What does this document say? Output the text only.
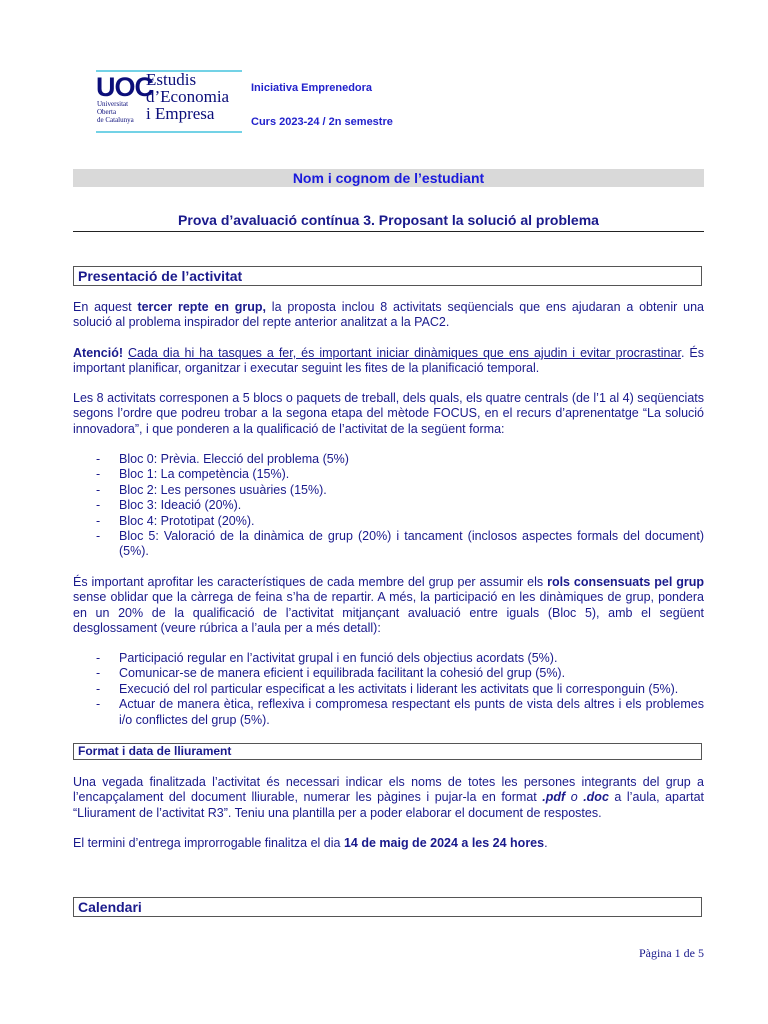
UOC
Universitat
Oberta
de Catalunya
Estudis
d’Economia
i Empresa
Iniciativa Emprenedora
Curs 2023-24 / 2n semestre
Nom i cognom de l’estudiant
Prova d’avaluació contínua 3. Proposant la solució al problema
Presentació de l’activitat
En aquest tercer repte en grup, la proposta inclou 8 activitats seqüencials que ens ajudaran a obtenir una solució al problema inspirador del repte anterior analitzat a la PAC2.
Atenció! Cada dia hi ha tasques a fer, és important iniciar dinàmiques que ens ajudin i evitar procrastinar. És important planificar, organitzar i executar seguint les fites de la planificació temporal.
Les 8 activitats corresponen a 5 blocs o paquets de treball, dels quals, els quatre centrals (de l’1 al 4) seqüenciats segons l’ordre que podreu trobar a la segona etapa del mètode FOCUS, en el recurs d’aprenentatge “La solució innovadora”, i que ponderen a la qualificació de l’activitat de la següent forma:
- Bloc 0: Prèvia. Elecció del problema (5%)
- Bloc 1: La competència (15%).
- Bloc 2: Les persones usuàries (15%).
- Bloc 3: Ideació (20%).
- Bloc 4: Prototipat (20%).
- Bloc 5: Valoració de la dinàmica de grup (20%) i tancament (inclosos aspectes formals del document) (5%).
És important aprofitar les característiques de cada membre del grup per assumir els rols consensuats pel grup sense oblidar que la càrrega de feina s’ha de repartir. A més, la participació en les dinàmiques de grup, pondera en un 20% de la qualificació de l’activitat mitjançant avaluació entre iguals (Bloc 5), amb el següent desglossament (veure rúbrica a l’aula per a més detall):
- Participació regular en l’activitat grupal i en funció dels objectius acordats (5%).
- Comunicar-se de manera eficient i equilibrada facilitant la cohesió del grup (5%).
- Execució del rol particular especificat a les activitats i liderant les activitats que li corresponguin (5%).
- Actuar de manera ètica, reflexiva i compromesa respectant els punts de vista dels altres i els problemes i/o conflictes del grup (5%).
Format i data de lliurament
Una vegada finalitzada l’activitat és necessari indicar els noms de totes les persones integrants del grup a l’encapçalament del document lliurable, numerar les pàgines i pujar-la en format .pdf o .doc a l’aula, apartat “Lliurament de l’activitat R3”. Teniu una plantilla per a poder elaborar el document de respostes.
El termini d’entrega improrrogable finalitza el dia 14 de maig de 2024 a les 24 hores.
Calendari
Pàgina 1 de 5
